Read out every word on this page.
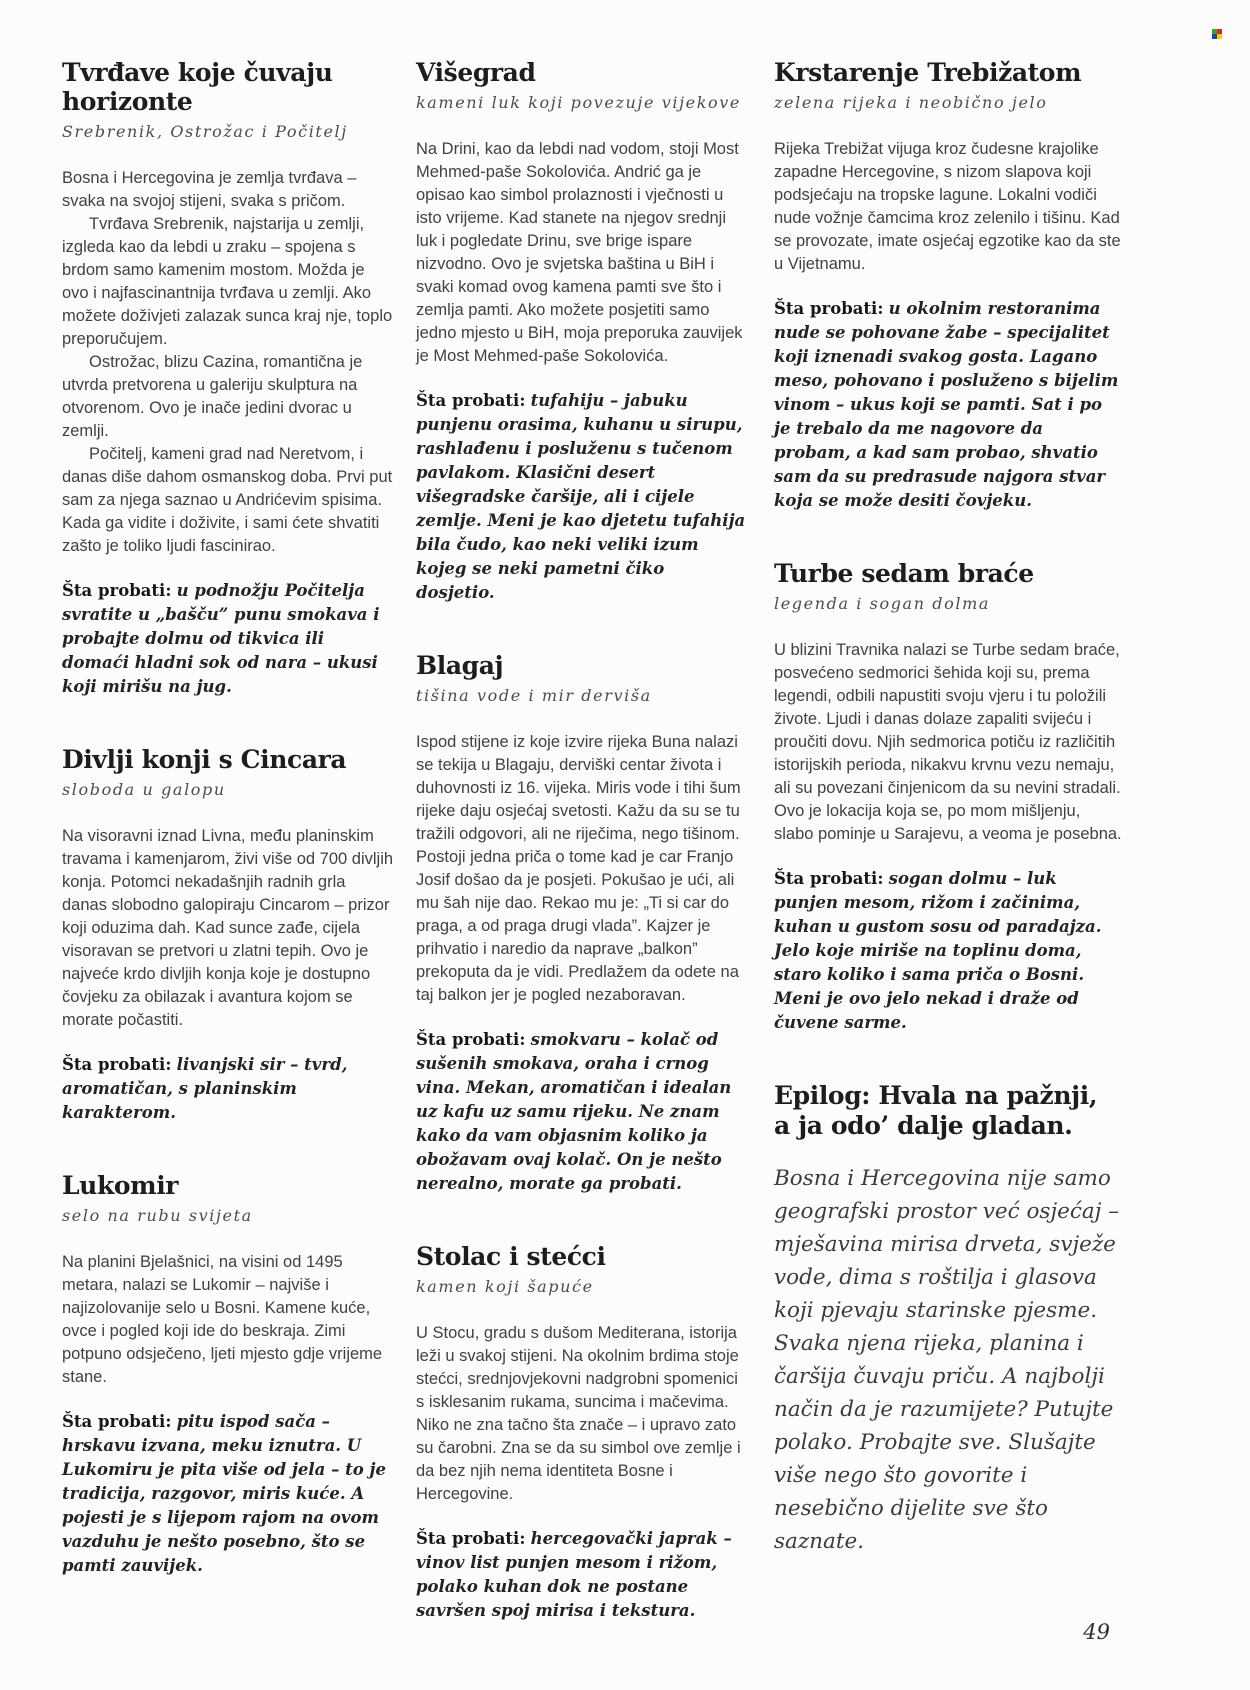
Tvrđave koje čuvaju horizonte
Srebrenik, Ostrožac i Počitelj

Bosna i Hercegovina je zemlja tvrđava – svaka na svojoj stijeni, svaka s pričom.

Tvrđava Srebrenik, najstarija u zemlji, izgleda kao da lebdi u zraku – spojena s brdom samo kamenim mostom. Možda je ovo i najfascinantnija tvrđava u zemlji. Ako možete doživjeti zalazak sunca kraj nje, toplo preporučujem.

Ostrožac, blizu Cazina, romantična je utvrda pretvorena u galeriju skulptura na otvorenom. Ovo je inače jedini dvorac u zemlji.

Počitelj, kameni grad nad Neretvom, i danas diše dahom osmanskog doba. Prvi put sam za njega saznao u Andrićevim spisima. Kada ga vidite i doživite, i sami ćete shvatiti zašto je toliko ljudi fascinirao.

Šta probati: u podnožju Počitelja svratite u „bašču” punu smokava i probajte dolmu od tikvica ili domaći hladni sok od nara – ukusi koji mirišu na jug.

Divlji konji s Cincara
sloboda u galopu

Na visoravni iznad Livna, među planinskim travama i kamenjarom, živi više od 700 divljih konja. Potomci nekadašnjih radnih grla danas slobodno galopiraju Cincarom – prizor koji oduzima dah. Kad sunce zađe, cijela visoravan se pretvori u zlatni tepih. Ovo je najveće krdo divljih konja koje je dostupno čovjeku za obilazak i avantura kojom se morate počastiti.

Šta probati: livanjski sir – tvrd, aromatičan, s planinskim karakterom.

Lukomir
selo na rubu svijeta

Na planini Bjelašnici, na visini od 1495 metara, nalazi se Lukomir – najviše i najizolovanije selo u Bosni. Kamene kuće, ovce i pogled koji ide do beskraja. Zimi potpuno odsječeno, ljeti mjesto gdje vrijeme stane.

Šta probati: pitu ispod sača – hrskavu izvana, meku iznutra. U Lukomiru je pita više od jela – to je tradicija, razgovor, miris kuće. A pojesti je s lijepom rajom na ovom vazduhu je nešto posebno, što se pamti zauvijek.

Višegrad
kameni luk koji povezuje vijekove

Na Drini, kao da lebdi nad vodom, stoji Most Mehmed-paše Sokolovića. Andrić ga je opisao kao simbol prolaznosti i vječnosti u isto vrijeme. Kad stanete na njegov srednji luk i pogledate Drinu, sve brige ispare nizvodno. Ovo je svjetska baština u BiH i svaki komad ovog kamena pamti sve što i zemlja pamti. Ako možete posjetiti samo jedno mjesto u BiH, moja preporuka zauvijek je Most Mehmed-paše Sokolovića.

Šta probati: tufahiju – jabuku punjenu orasima, kuhanu u sirupu, rashlađenu i posluženu s tučenom pavlakom. Klasični desert višegradske čaršije, ali i cijele zemlje. Meni je kao djetetu tufahija bila čudo, kao neki veliki izum kojeg se neki pametni čiko dosjetio.

Blagaj
tišina vode i mir derviša

Ispod stijene iz koje izvire rijeka Buna nalazi se tekija u Blagaju, derviški centar života i duhovnosti iz 16. vijeka. Miris vode i tihi šum rijeke daju osjećaj svetosti. Kažu da su se tu tražili odgovori, ali ne riječima, nego tišinom. Postoji jedna priča o tome kad je car Franjo Josif došao da je posjeti. Pokušao je ući, ali mu šah nije dao. Rekao mu je: „Ti si car do praga, a od praga drugi vlada”. Kajzer je prihvatio i naredio da naprave „balkon” prekoputa da je vidi. Predlažem da odete na taj balkon jer je pogled nezaboravan.

Šta probati: smokvaru – kolač od sušenih smokava, oraha i crnog vina. Mekan, aromatičan i idealan uz kafu uz samu rijeku. Ne znam kako da vam objasnim koliko ja obožavam ovaj kolač. On je nešto nerealno, morate ga probati.

Stolac i stećci
kamen koji šapuće

U Stocu, gradu s dušom Mediterana, istorija leži u svakoj stijeni. Na okolnim brdima stoje stećci, srednjovjekovni nadgrobni spomenici s isklesanim rukama, suncima i mačevima. Niko ne zna tačno šta znače – i upravo zato su čarobni. Zna se da su simbol ove zemlje i da bez njih nema identiteta Bosne i Hercegovine.

Šta probati: hercegovački japrak – vinov list punjen mesom i rižom, polako kuhan dok ne postane savršen spoj mirisa i tekstura.

Krstarenje Trebižatom
zelena rijeka i neobično jelo

Rijeka Trebižat vijuga kroz čudesne krajolike zapadne Hercegovine, s nizom slapova koji podsjećaju na tropske lagune. Lokalni vodiči nude vožnje čamcima kroz zelenilo i tišinu. Kad se provozate, imate osjećaj egzotike kao da ste u Vijetnamu.

Šta probati: u okolnim restoranima nude se pohovane žabe – specijalitet koji iznenadi svakog gosta. Lagano meso, pohovano i posluženo s bijelim vinom – ukus koji se pamti. Sat i po je trebalo da me nagovore da probam, a kad sam probao, shvatio sam da su predrasude najgora stvar koja se može desiti čovjeku.

Turbe sedam braće
legenda i sogan dolma

U blizini Travnika nalazi se Turbe sedam braće, posvećeno sedmorici šehida koji su, prema legendi, odbili napustiti svoju vjeru i tu položili živote. Ljudi i danas dolaze zapaliti svijeću i proučiti dovu. Njih sedmorica potiču iz različitih istorijskih perioda, nikakvu krvnu vezu nemaju, ali su povezani činjenicom da su nevini stradali. Ovo je lokacija koja se, po mom mišljenju, slabo pominje u Sarajevu, a veoma je posebna.

Šta probati: sogan dolmu – luk punjen mesom, rižom i začinima, kuhan u gustom sosu od paradajza. Jelo koje miriše na toplinu doma, staro koliko i sama priča o Bosni. Meni je ovo jelo nekad i draže od čuvene sarme.

Epilog: Hvala na pažnji, a ja odo’ dalje gladan.

Bosna i Hercegovina nije samo geografski prostor već osjećaj – mješavina mirisa drveta, svježe vode, dima s roštilja i glasova koji pjevaju starinske pjesme. Svaka njena rijeka, planina i čaršija čuvaju priču. A najbolji način da je razumijete? Putujte polako. Probajte sve. Slušajte više nego što govorite i nesebično dijelite sve što saznate.

49
